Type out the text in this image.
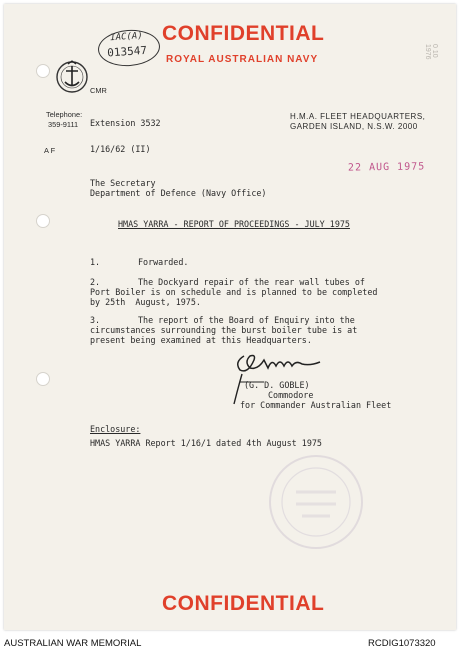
0 10 1976
CONFIDENTIAL
ROYAL AUSTRALIAN NAVY
IAC(A)
013547
CMR
Telephone:
359-9111 Extension 3532
H.M.A. FLEET HEADQUARTERS,
GARDEN ISLAND, N.S.W. 2000
A F	1/16/62 (II)
22 AUG 1975
The Secretary
Department of Defence (Navy Office)
HMAS YARRA - REPORT OF PROCEEDINGS - JULY 1975
1.	Forwarded.
2.	The Dockyard repair of the rear wall tubes of
Port Boiler is on schedule and is planned to be completed
by 25th  August, 1975.
3.	The report of the Board of Enquiry into the
circumstances surrounding the burst boiler tube is at
present being examined at this Headquarters.
(G. D. GOBLE)
Commodore
for Commander Australian Fleet
Enclosure:
HMAS YARRA Report 1/16/1 dated 4th August 1975
CONFIDENTIAL
AUSTRALIAN WAR MEMORIAL	RCDIG1073320
